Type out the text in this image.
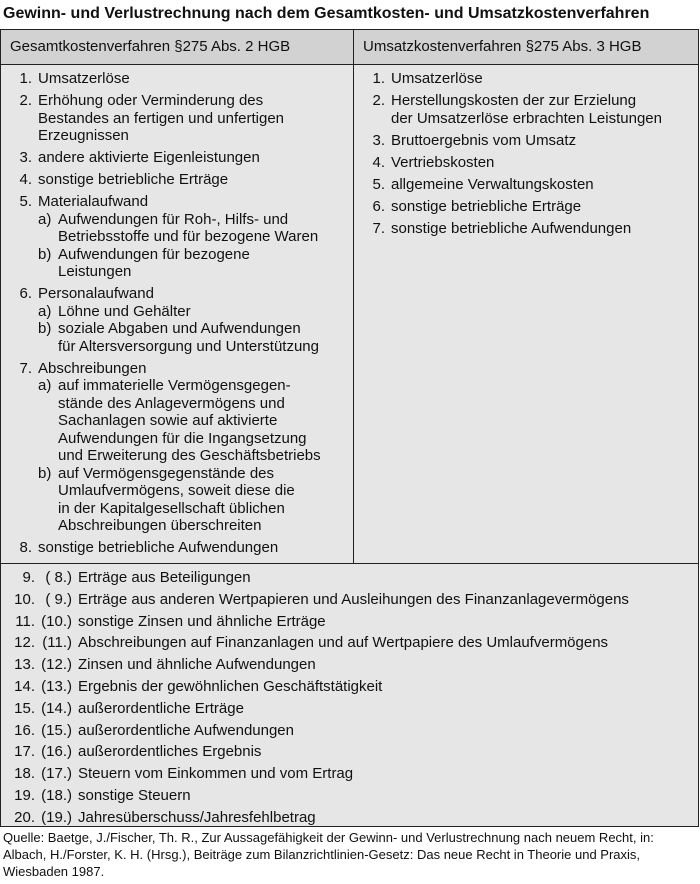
Gewinn- und Verlustrechnung nach dem Gesamtkosten- und Umsatzkostenverfahren
Gesamtkostenverfahren §275 Abs. 2 HGB	Umsatzkostenverfahren §275 Abs. 3 HGB
1. Umsatzerlöse
2. Erhöhung oder Verminderung des
Bestandes an fertigen und unfertigen
Erzeugnissen
3. andere aktivierte Eigenleistungen
4. sonstige betriebliche Erträge
5. Materialaufwand
a) Aufwendungen für Roh-, Hilfs- und
Betriebsstoffe und für bezogene Waren
b) Aufwendungen für bezogene
Leistungen
6. Personalaufwand
a) Löhne und Gehälter
b) soziale Abgaben und Aufwendungen
für Altersversorgung und Unterstützung
7. Abschreibungen
a) auf immaterielle Vermögensgegen-
stände des Anlagevermögens und
Sachanlagen sowie auf aktivierte
Aufwendungen für die Ingangsetzung
und Erweiterung des Geschäftsbetriebs
b) auf Vermögensgegenstände des
Umlaufvermögens, soweit diese die
in der Kapitalgesellschaft üblichen
Abschreibungen überschreiten
8. sonstige betriebliche Aufwendungen
1. Umsatzerlöse
2. Herstellungskosten der zur Erzielung
der Umsatzerlöse erbrachten Leistungen
3. Bruttoergebnis vom Umsatz
4. Vertriebskosten
5. allgemeine Verwaltungskosten
6. sonstige betriebliche Erträge
7. sonstige betriebliche Aufwendungen
9. ( 8.) Erträge aus Beteiligungen
10. ( 9.) Erträge aus anderen Wertpapieren und Ausleihungen des Finanzanlagevermögens
11. (10.) sonstige Zinsen und ähnliche Erträge
12. (11.) Abschreibungen auf Finanzanlagen und auf Wertpapiere des Umlaufvermögens
13. (12.) Zinsen und ähnliche Aufwendungen
14. (13.) Ergebnis der gewöhnlichen Geschäftstätigkeit
15. (14.) außerordentliche Erträge
16. (15.) außerordentliche Aufwendungen
17. (16.) außerordentliches Ergebnis
18. (17.) Steuern vom Einkommen und vom Ertrag
19. (18.) sonstige Steuern
20. (19.) Jahresüberschuss/Jahresfehlbetrag
Quelle: Baetge, J./Fischer, Th. R., Zur Aussagefähigkeit der Gewinn- und Verlustrechnung nach neuem Recht, in: Albach, H./Forster, K. H. (Hrsg.), Beiträge zum Bilanzrichtlinien-Gesetz: Das neue Recht in Theorie und Praxis, Wiesbaden 1987.
